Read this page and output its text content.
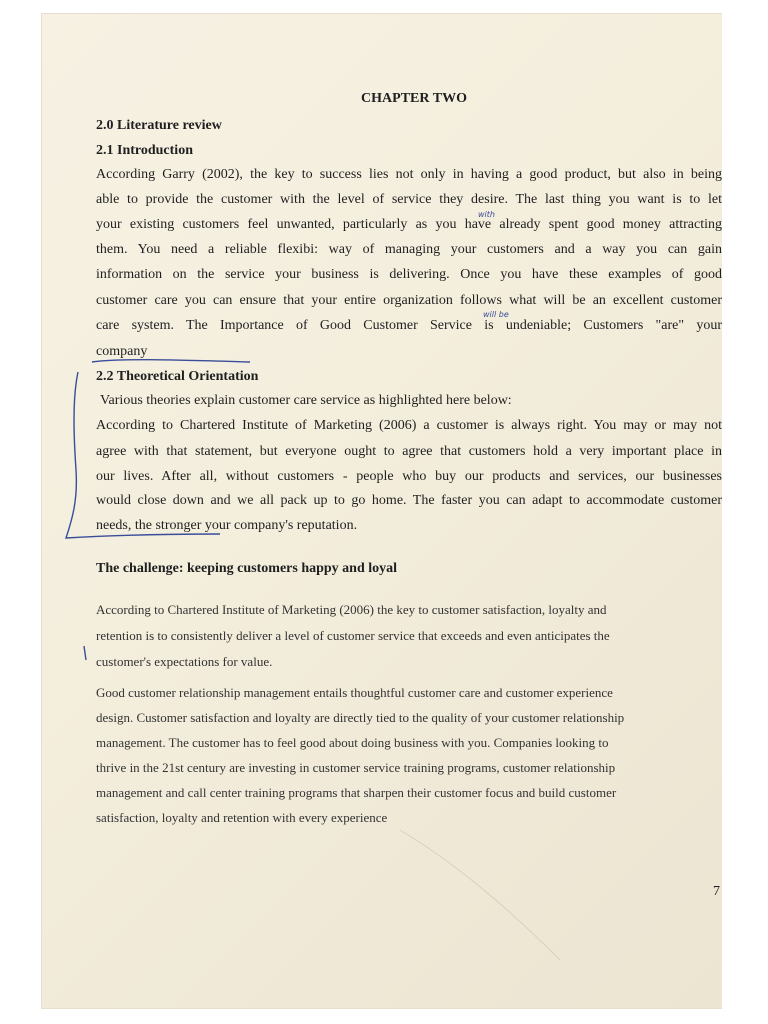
CHAPTER TWO
2.0 Literature review
2.1 Introduction
According Garry (2002), the key to success lies not only in having a good product, but also in being
able to provide the customer with the level of service they desire. The last thing you want is to let
your existing customers feel unwanted, particularly as you have already spent good money attracting
them. You need a reliable flexibi: way of managing your customers and a way you can gain
information on the service your business is delivering. Once you have these examples of good
customer care you can ensure that your entire organization follows what will be an excellent customer
care system. The Importance of Good Customer Service is undeniable; Customers "are" your
company
2.2 Theoretical Orientation
Various theories explain customer care service as highlighted here below:
According to Chartered Institute of Marketing (2006) a customer is always right. You may or may not
agree with that statement, but everyone ought to agree that customers hold a very important place in
our lives. After all, without customers - people who buy our products and services, our businesses
would close down and we all pack up to go home. The faster you can adapt to accommodate customer
needs, the stronger your company's reputation.
The challenge: keeping customers happy and loyal
According to Chartered Institute of Marketing (2006) the key to customer satisfaction, loyalty and
retention is to consistently deliver a level of customer service that exceeds and even anticipates the
customer's expectations for value.
Good customer relationship management entails thoughtful customer care and customer experience
design. Customer satisfaction and loyalty are directly tied to the quality of your customer relationship
management. The customer has to feel good about doing business with you. Companies looking to
thrive in the 21st century are investing in customer service training programs, customer relationship
management and call center training programs that sharpen their customer focus and build customer
satisfaction, loyalty and retention with every experience
7
with
will be
